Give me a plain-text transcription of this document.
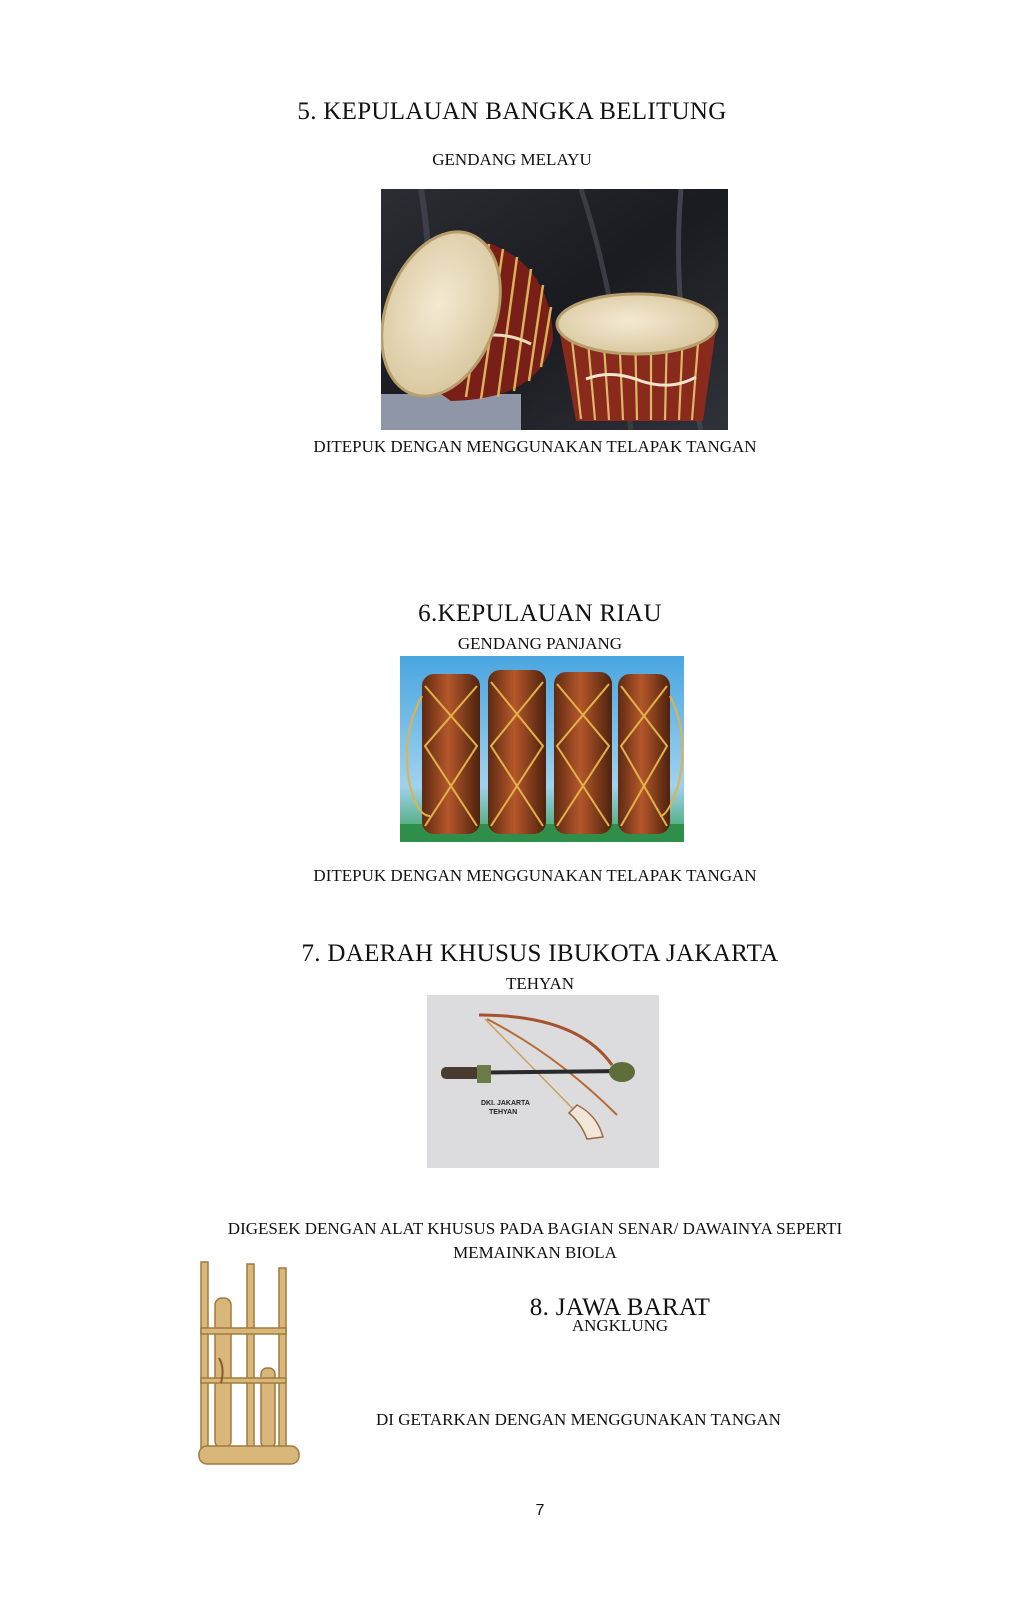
5. KEPULAUAN BANGKA BELITUNG
GENDANG MELAYU
DITEPUK DENGAN MENGGUNAKAN TELAPAK TANGAN
6.KEPULAUAN RIAU
GENDANG PANJANG
DITEPUK DENGAN MENGGUNAKAN TELAPAK TANGAN
7. DAERAH KHUSUS IBUKOTA JAKARTA
TEHYAN
DKI. JAKARTA
TEHYAN
DIGESEK DENGAN ALAT KHUSUS PADA BAGIAN SENAR/ DAWAINYA SEPERTI
MEMAINKAN BIOLA
8. JAWA BARAT
ANGKLUNG
DI GETARKAN DENGAN MENGGUNAKAN TANGAN
7
